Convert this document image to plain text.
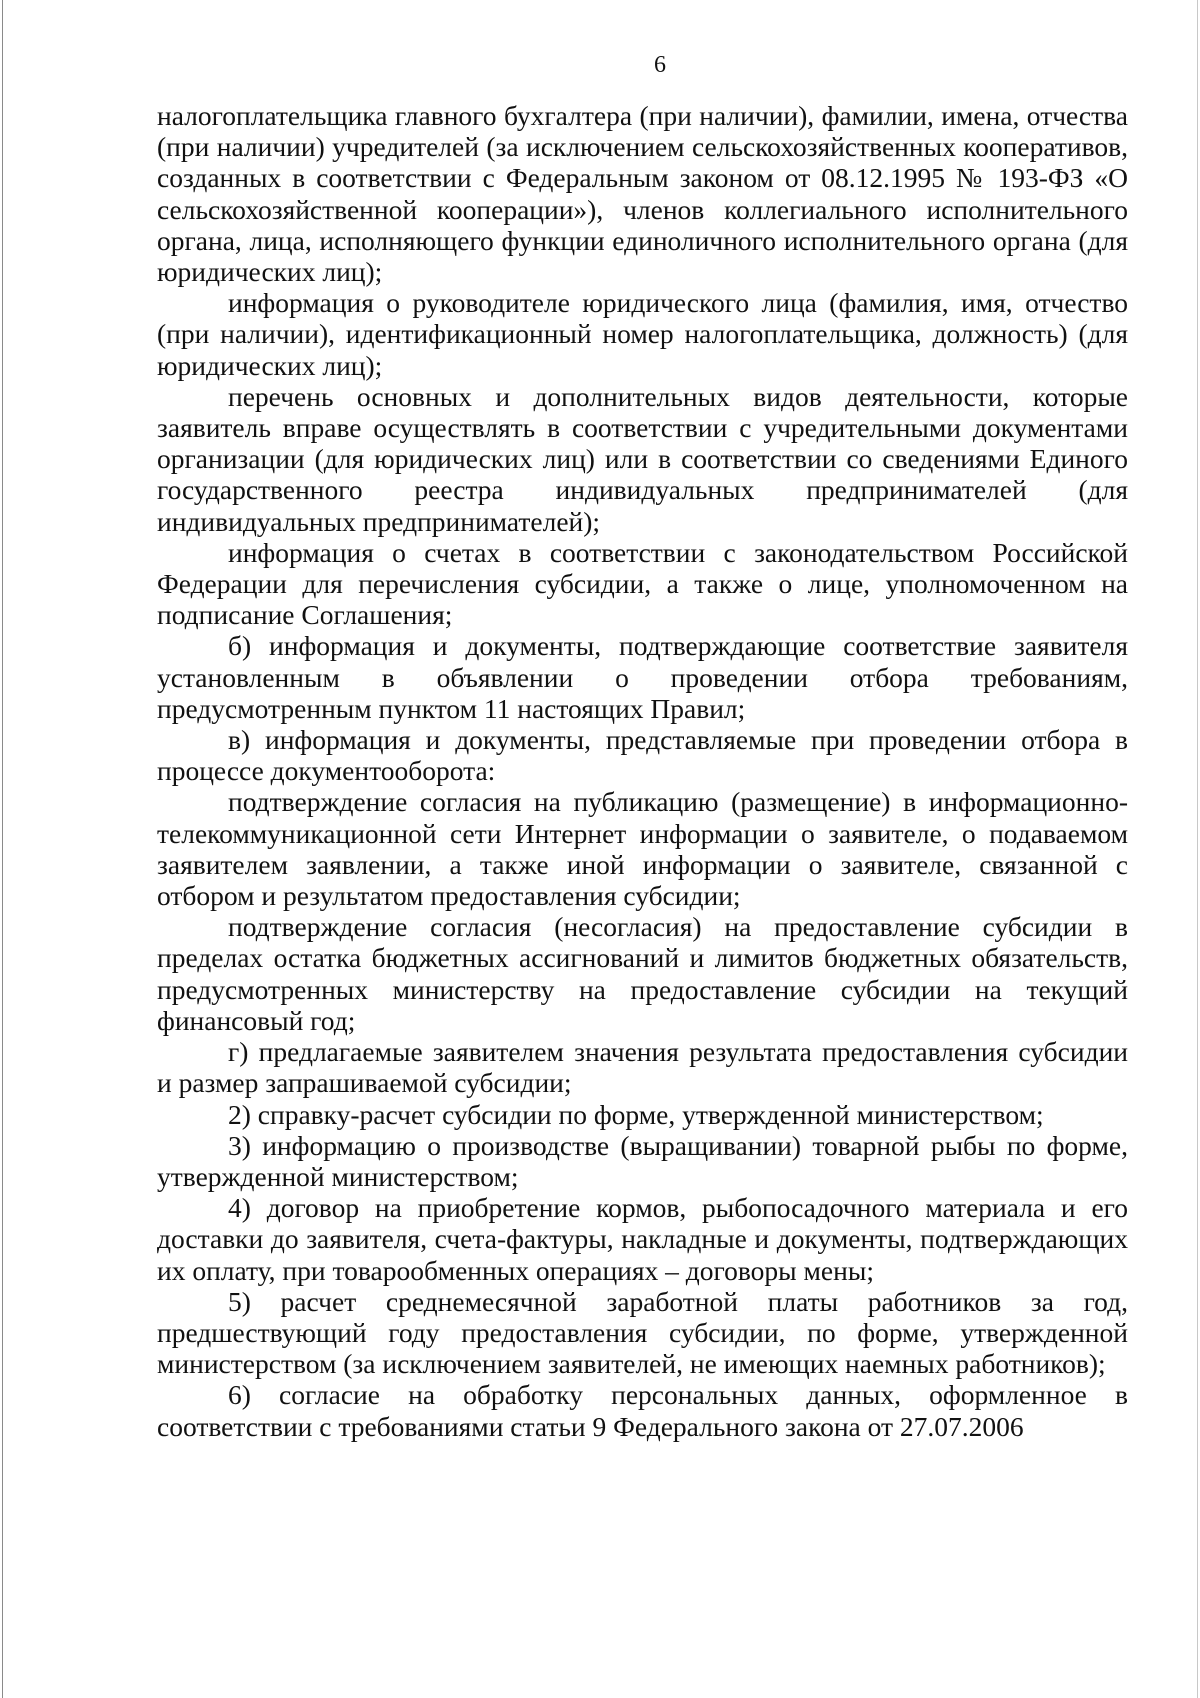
6

налогоплательщика главного бухгалтера (при наличии), фамилии, имена, отчества (при наличии) учредителей (за исключением сельскохозяйственных кооперативов, созданных в соответствии с Федеральным законом от 08.12.1995 № 193-ФЗ «О сельскохозяйственной кооперации»), членов коллегиального исполнительного органа, лица, исполняющего функции единоличного исполнительного органа (для юридических лиц);

информация о руководителе юридического лица (фамилия, имя, отчество (при наличии), идентификационный номер налогоплательщика, должность) (для юридических лиц);

перечень основных и дополнительных видов деятельности, которые заявитель вправе осуществлять в соответствии с учредительными документами организации (для юридических лиц) или в соответствии со сведениями Единого государственного реестра индивидуальных предпринимателей (для индивидуальных предпринимателей);

информация о счетах в соответствии с законодательством Российской Федерации для перечисления субсидии, а также о лице, уполномоченном на подписание Соглашения;

б) информация и документы, подтверждающие соответствие заявителя установленным в объявлении о проведении отбора требованиям, предусмотренным пунктом 11 настоящих Правил;

в) информация и документы, представляемые при проведении отбора в процессе документооборота:

подтверждение согласия на публикацию (размещение) в информационно-телекоммуникационной сети Интернет информации о заявителе, о подаваемом заявителем заявлении, а также иной информации о заявителе, связанной с отбором и результатом предоставления субсидии;

подтверждение согласия (несогласия) на предоставление субсидии в пределах остатка бюджетных ассигнований и лимитов бюджетных обязательств, предусмотренных министерству на предоставление субсидии на текущий финансовый год;

г) предлагаемые заявителем значения результата предоставления субсидии и размер запрашиваемой субсидии;

2) справку-расчет субсидии по форме, утвержденной министерством;

3) информацию о производстве (выращивании) товарной рыбы по форме, утвержденной министерством;

4) договор на приобретение кормов, рыбопосадочного материала и его доставки до заявителя, счета-фактуры, накладные и документы, подтверждающих их оплату, при товарообменных операциях – договоры мены;

5) расчет среднемесячной заработной платы работников за год, предшествующий году предоставления субсидии, по форме, утвержденной министерством (за исключением заявителей, не имеющих наемных работников);

6) согласие на обработку персональных данных, оформленное в соответствии с требованиями статьи 9 Федерального закона от 27.07.2006
